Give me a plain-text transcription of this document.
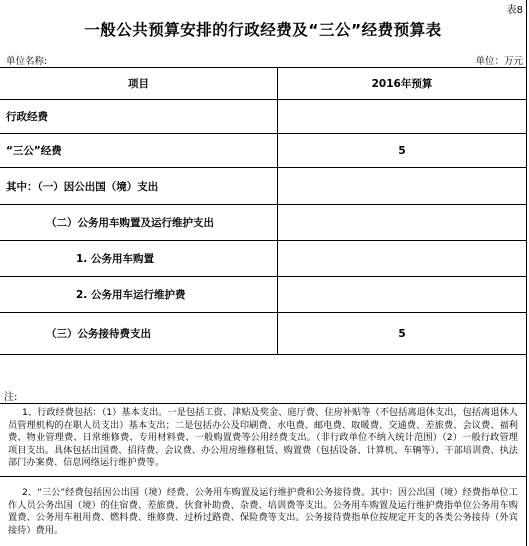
表8
一般公共预算安排的行政经费及“三公”经费预算表
单位名称:	单位：万元
项目	2016年预算
行政经费
“三公”经费	5
其中：（一）因公出国（境）支出
（二）公务用车购置及运行维护支出
1. 公务用车购置
2. 公务用车运行维护费
（三）公务接待费支出	5
注:
1、行政经费包括：（1）基本支出。一是包括工资、津贴及奖金、庭厅费、住房补贴等（不包括离退休支出，包括离退休人员管理机构的在职人员支出）基本支出；二是包括办公及印刷费、水电费、邮电费、取暖费、交通费、差旅费、会议费、福利费、物业管理费、日常维修费、专用材料费、一般购置费等公用经费支出。（非行政单位不纳入统计范围）（2）一般行政管理项目支出。具体包括出国费、招待费、会议费、办公用房维修租赁、购置费（包括设备、计算机、车辆等）、干部培训费、执法部门办案费、信息网络运行维护费等。
2、“三公”经费包括因公出国（境）经费、公务用车购置及运行维护费和公务接待费。其中：因公出国（境）经费指单位工作人员公务出国（境）的住宿费、差旅费、伙食补助费、杂费、培训费等支出。公务用车购置及运行维护费指单位公务用车购置费、公务用车租用费、燃料费、维修费、过桥过路费、保险费等支出。公务接待费指单位按规定开支的各类公务接待（外宾接待）费用。
